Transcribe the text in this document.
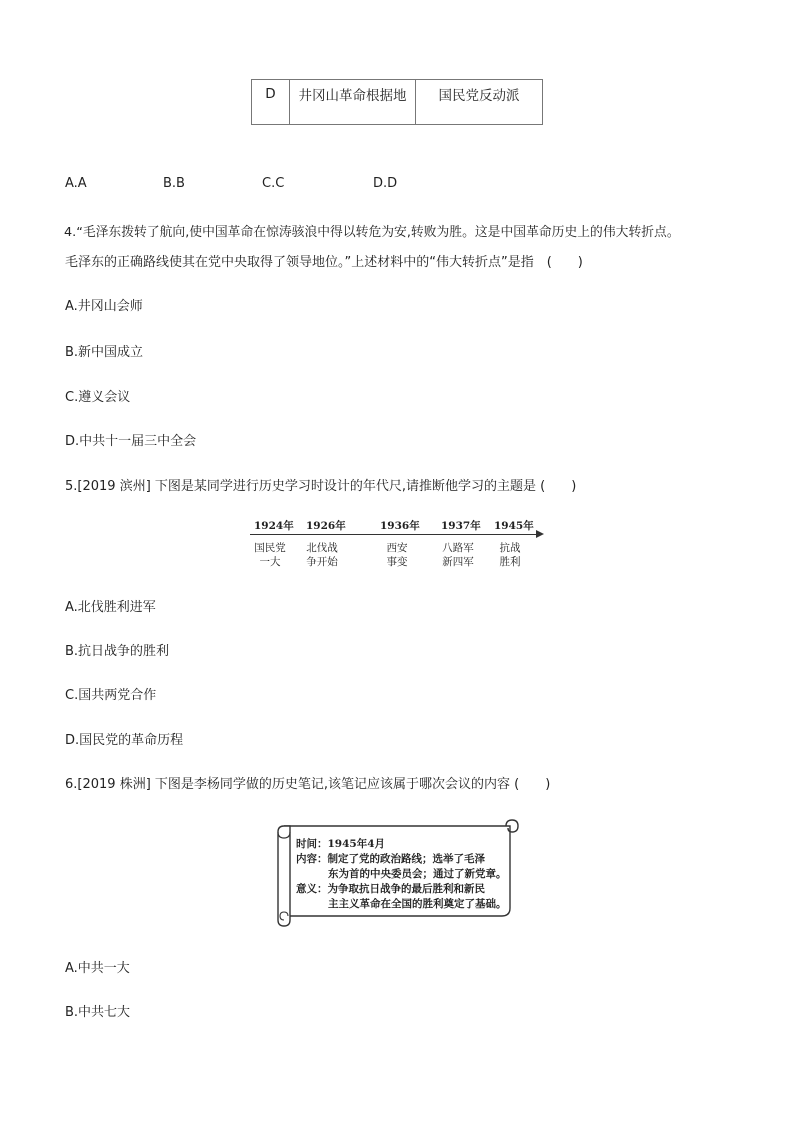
D	井冈山革命根据地	国民党反动派
A.A	B.B	C.C	D.D
4.“毛泽东拨转了航向,使中国革命在惊涛骇浪中得以转危为安,转败为胜。这是中国革命历史上的伟大转折点。
毛泽东的正确路线使其在党中央取得了领导地位。”上述材料中的“伟大转折点”是指　(　　)
A.井冈山会师
B.新中国成立
C.遵义会议
D.中共十一届三中全会
5.[2019 滨州] 下图是某同学进行历史学习时设计的年代尺,请推断他学习的主题是 (　　)
1924年 1926年	1936年 1937年 1945年
国民党
一大
北伐战
争开始
西安
事变
八路军
新四军
抗战
胜利
A.北伐胜利进军
B.抗日战争的胜利
C.国共两党合作
D.国民党的革命历程
6.[2019 株洲] 下图是李杨同学做的历史笔记,该笔记应该属于哪次会议的内容 (　　)
时间：1945年4月
内容：制定了党的政治路线；选举了毛泽
东为首的中央委员会；通过了新党章。
意义：为争取抗日战争的最后胜利和新民
主主义革命在全国的胜利奠定了基础。
A.中共一大
B.中共七大
